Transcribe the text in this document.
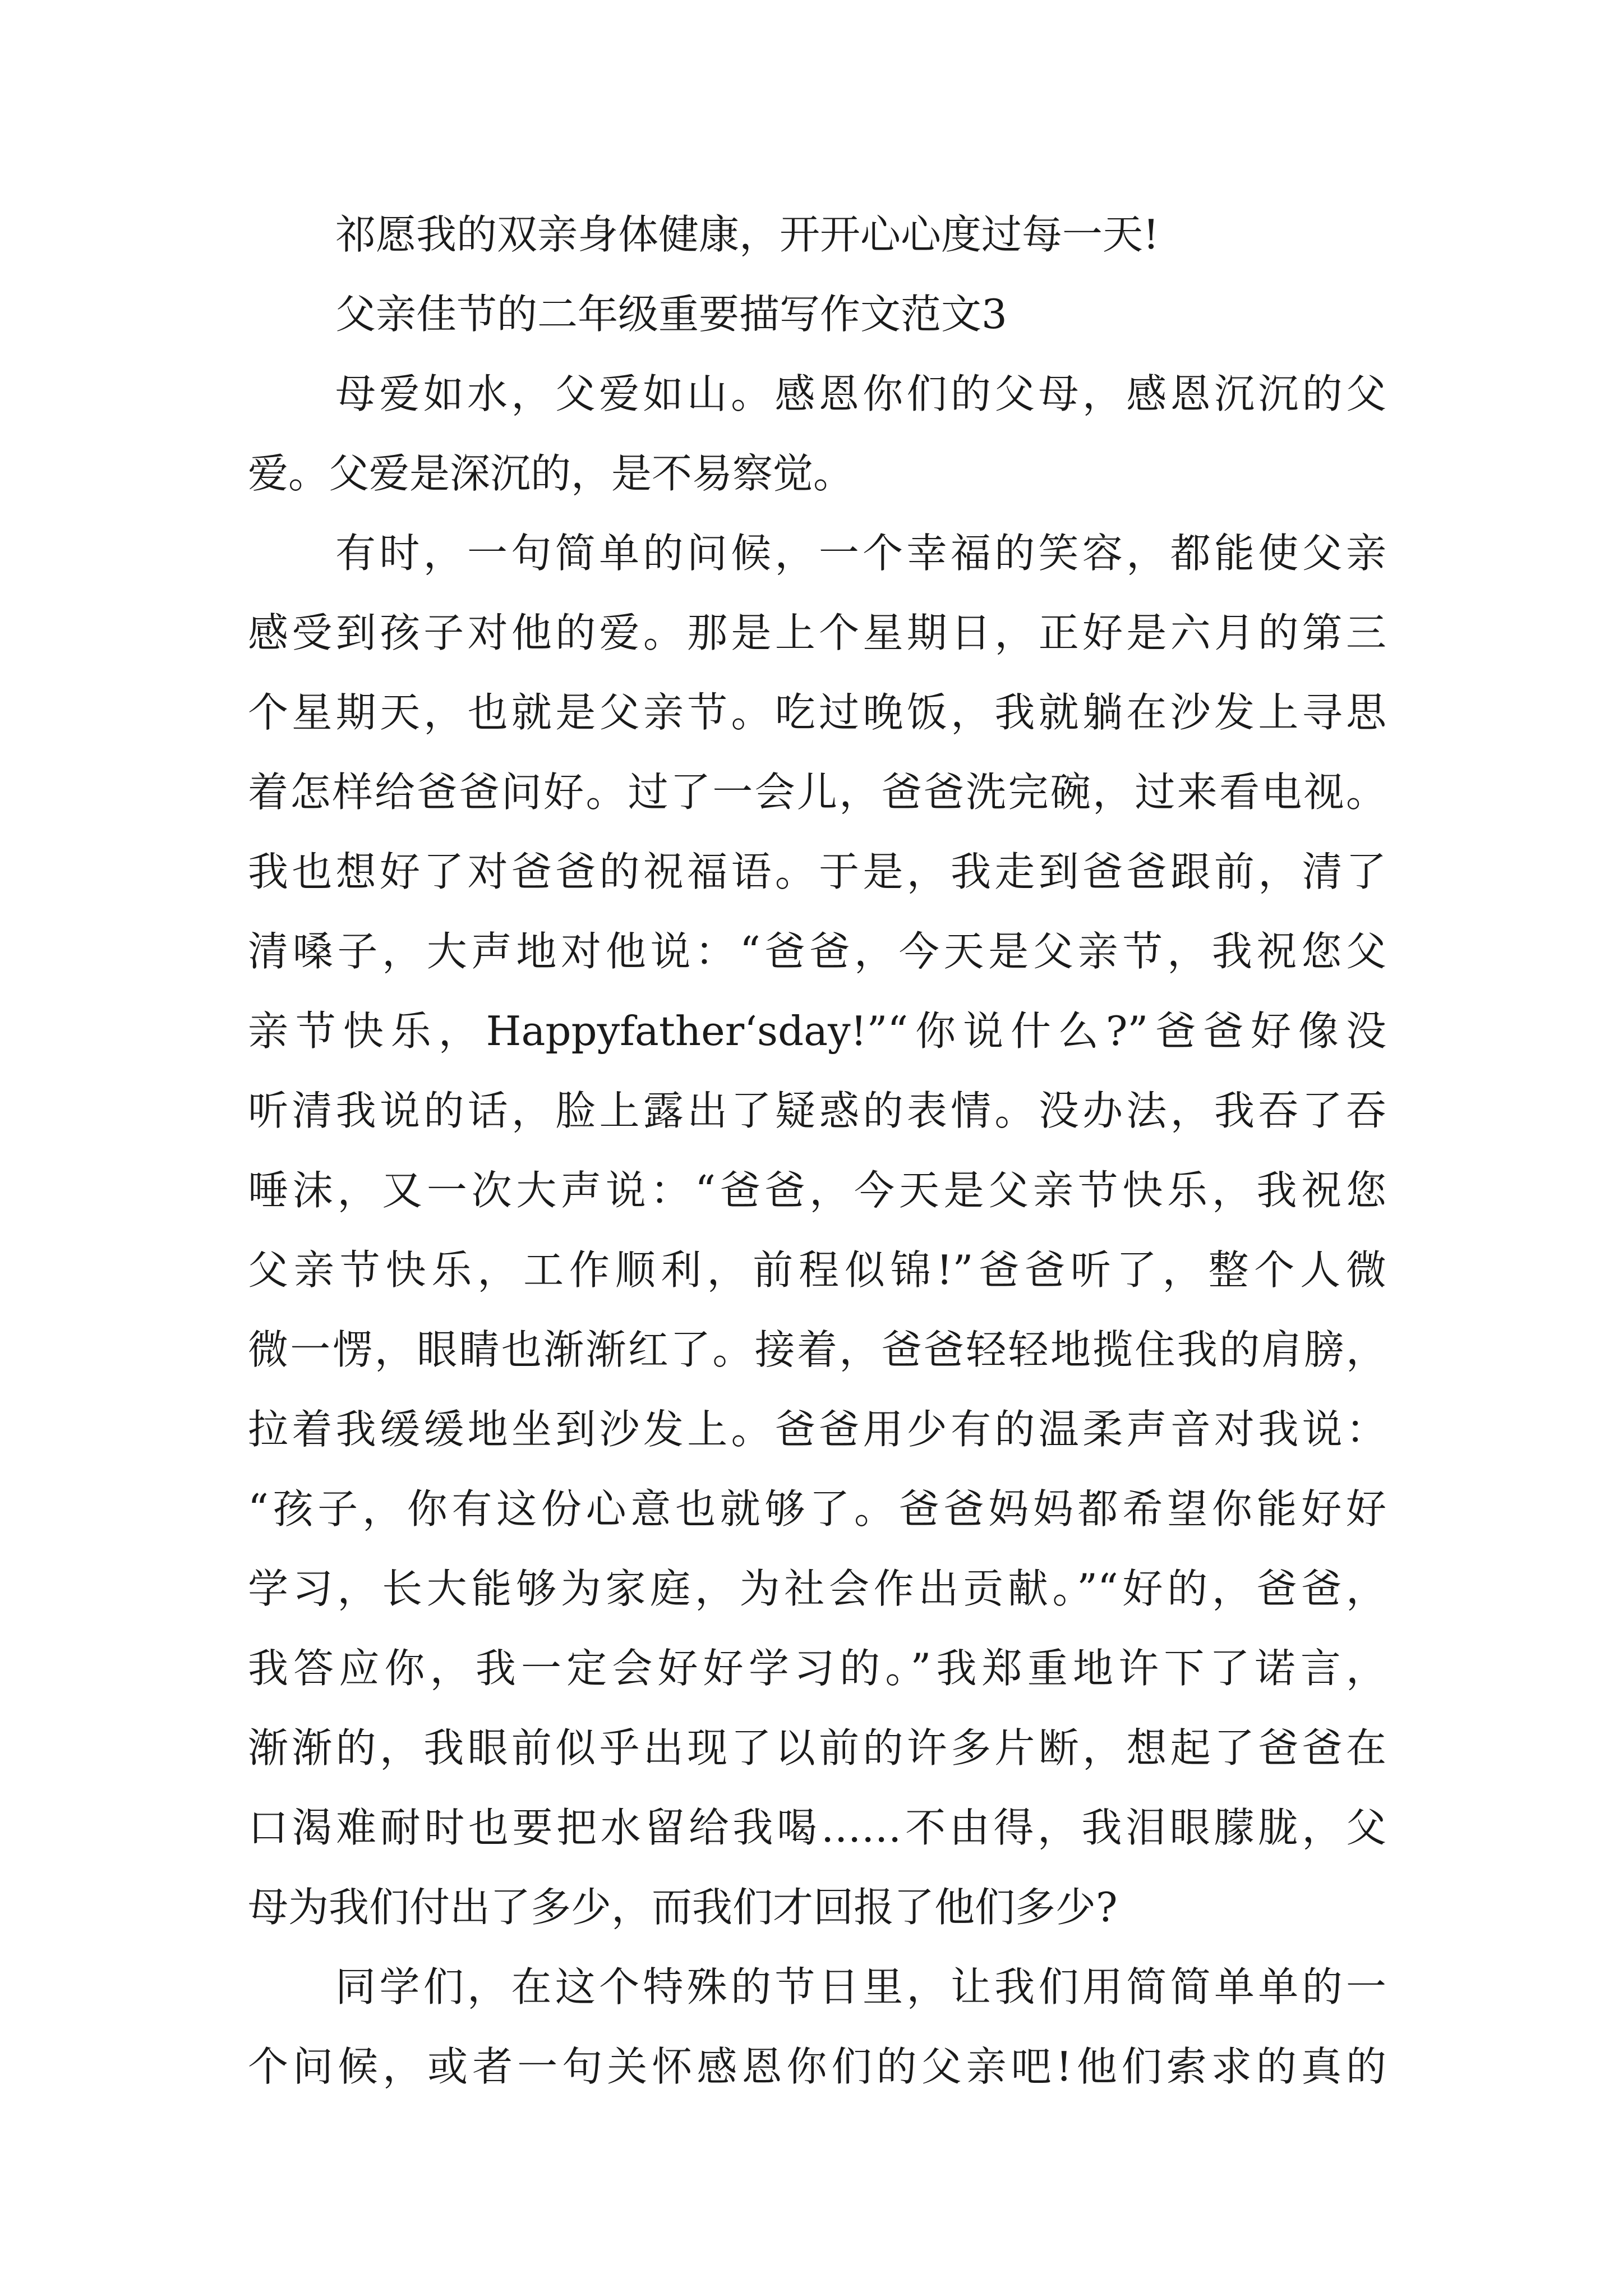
祁愿我的双亲身体健康，开开心心度过每一天!

父亲佳节的二年级重要描写作文范文3

母爱如水，父爱如山。感恩你们的父母，感恩沉沉的父

爱。父爱是深沉的，是不易察觉。

有时，一句简单的问候，一个幸福的笑容，都能使父亲

感受到孩子对他的爱。那是上个星期日，正好是六月的第三

个星期天，也就是父亲节。吃过晚饭，我就躺在沙发上寻思

着怎样给爸爸问好。过了一会儿，爸爸洗完碗，过来看电视。

我也想好了对爸爸的祝福语。于是，我走到爸爸跟前，清了

清嗓子，大声地对他说：“爸爸，今天是父亲节，我祝您父

亲节快乐，Happyfather‘sday!”“你说什么?”爸爸好像没

听清我说的话，脸上露出了疑惑的表情。没办法，我吞了吞

唾沫，又一次大声说：“爸爸，今天是父亲节快乐，我祝您

父亲节快乐，工作顺利，前程似锦!”爸爸听了，整个人微

微一愣，眼睛也渐渐红了。接着，爸爸轻轻地揽住我的肩膀，

拉着我缓缓地坐到沙发上。爸爸用少有的温柔声音对我说：

“孩子，你有这份心意也就够了。爸爸妈妈都希望你能好好

学习，长大能够为家庭，为社会作出贡献。”“好的，爸爸，

我答应你，我一定会好好学习的。”我郑重地许下了诺言，

渐渐的，我眼前似乎出现了以前的许多片断，想起了爸爸在

口渴难耐时也要把水留给我喝……不由得，我泪眼朦胧，父

母为我们付出了多少，而我们才回报了他们多少?

同学们，在这个特殊的节日里，让我们用简简单单的一

个问候，或者一句关怀感恩你们的父亲吧!他们索求的真的
